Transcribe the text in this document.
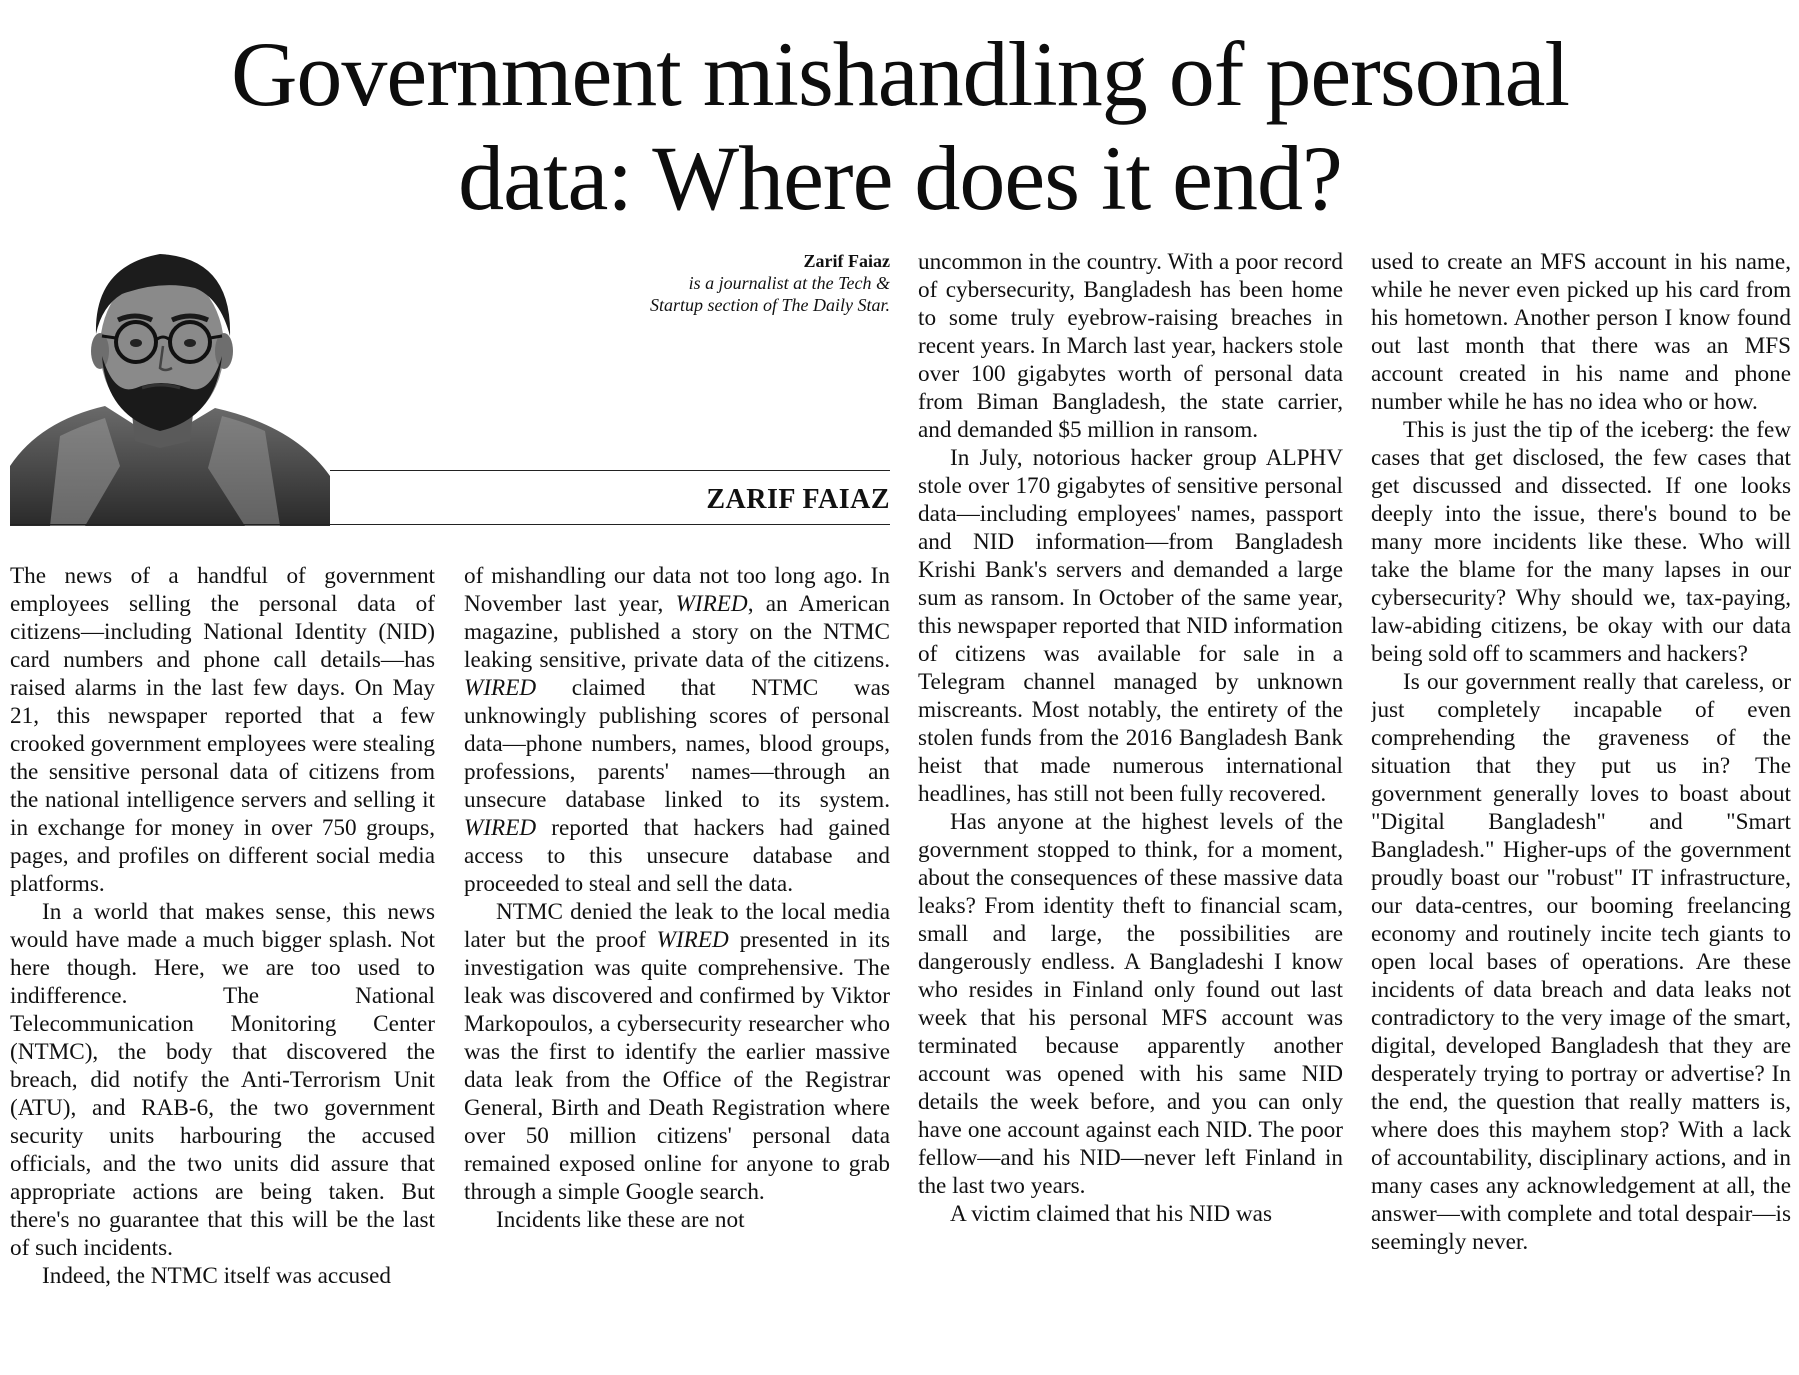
Government mishandling of personal
data: Where does it end?
Zarif Faiaz
is a journalist at the Tech &
Startup section of The Daily Star.
ZARIF FAIAZ

The news of a handful of government employees selling the personal data of citizens—including National Identity (NID) card numbers and phone call details—has raised alarms in the last few days. On May 21, this newspaper reported that a few crooked government employees were stealing the sensitive personal data of citizens from the national intelligence servers and selling it in exchange for money in over 750 groups, pages, and profiles on different social media platforms.

In a world that makes sense, this news would have made a much bigger splash. Not here though. Here, we are too used to indifference. The National Telecommunication Monitoring Center (NTMC), the body that discovered the breach, did notify the Anti-Terrorism Unit (ATU), and RAB-6, the two government security units harbouring the accused officials, and the two units did assure that appropriate actions are being taken. But there's no guarantee that this will be the last of such incidents.

Indeed, the NTMC itself was accused

of mishandling our data not too long ago. In November last year, WIRED, an American magazine, published a story on the NTMC leaking sensitive, private data of the citizens. WIRED claimed that NTMC was unknowingly publishing scores of personal data—phone numbers, names, blood groups, professions, parents' names—through an unsecure database linked to its system. WIRED reported that hackers had gained access to this unsecure database and proceeded to steal and sell the data.

NTMC denied the leak to the local media later but the proof WIRED presented in its investigation was quite comprehensive. The leak was discovered and confirmed by Viktor Markopoulos, a cybersecurity researcher who was the first to identify the earlier massive data leak from the Office of the Registrar General, Birth and Death Registration where over 50 million citizens' personal data remained exposed online for anyone to grab through a simple Google search.

Incidents like these are not

uncommon in the country. With a poor record of cybersecurity, Bangladesh has been home to some truly eyebrow-raising breaches in recent years. In March last year, hackers stole over 100 gigabytes worth of personal data from Biman Bangladesh, the state carrier, and demanded $5 million in ransom.

In July, notorious hacker group ALPHV stole over 170 gigabytes of sensitive personal data—including employees' names, passport and NID information—from Bangladesh Krishi Bank's servers and demanded a large sum as ransom. In October of the same year, this newspaper reported that NID information of citizens was available for sale in a Telegram channel managed by unknown miscreants. Most notably, the entirety of the stolen funds from the 2016 Bangladesh Bank heist that made numerous international headlines, has still not been fully recovered.

Has anyone at the highest levels of the government stopped to think, for a moment, about the consequences of these massive data leaks? From identity theft to financial scam, small and large, the possibilities are dangerously endless. A Bangladeshi I know who resides in Finland only found out last week that his personal MFS account was terminated because apparently another account was opened with his same NID details the week before, and you can only have one account against each NID. The poor fellow—and his NID—never left Finland in the last two years.

A victim claimed that his NID was

used to create an MFS account in his name, while he never even picked up his card from his hometown. Another person I know found out last month that there was an MFS account created in his name and phone number while he has no idea who or how.

This is just the tip of the iceberg: the few cases that get disclosed, the few cases that get discussed and dissected. If one looks deeply into the issue, there's bound to be many more incidents like these. Who will take the blame for the many lapses in our cybersecurity? Why should we, tax-paying, law-abiding citizens, be okay with our data being sold off to scammers and hackers?

Is our government really that careless, or just completely incapable of even comprehending the graveness of the situation that they put us in? The government generally loves to boast about "Digital Bangladesh" and "Smart Bangladesh." Higher-ups of the government proudly boast our "robust" IT infrastructure, our data-centres, our booming freelancing economy and routinely incite tech giants to open local bases of operations. Are these incidents of data breach and data leaks not contradictory to the very image of the smart, digital, developed Bangladesh that they are desperately trying to portray or advertise? In the end, the question that really matters is, where does this mayhem stop? With a lack of accountability, disciplinary actions, and in many cases any acknowledgement at all, the answer—with complete and total despair—is seemingly never.
